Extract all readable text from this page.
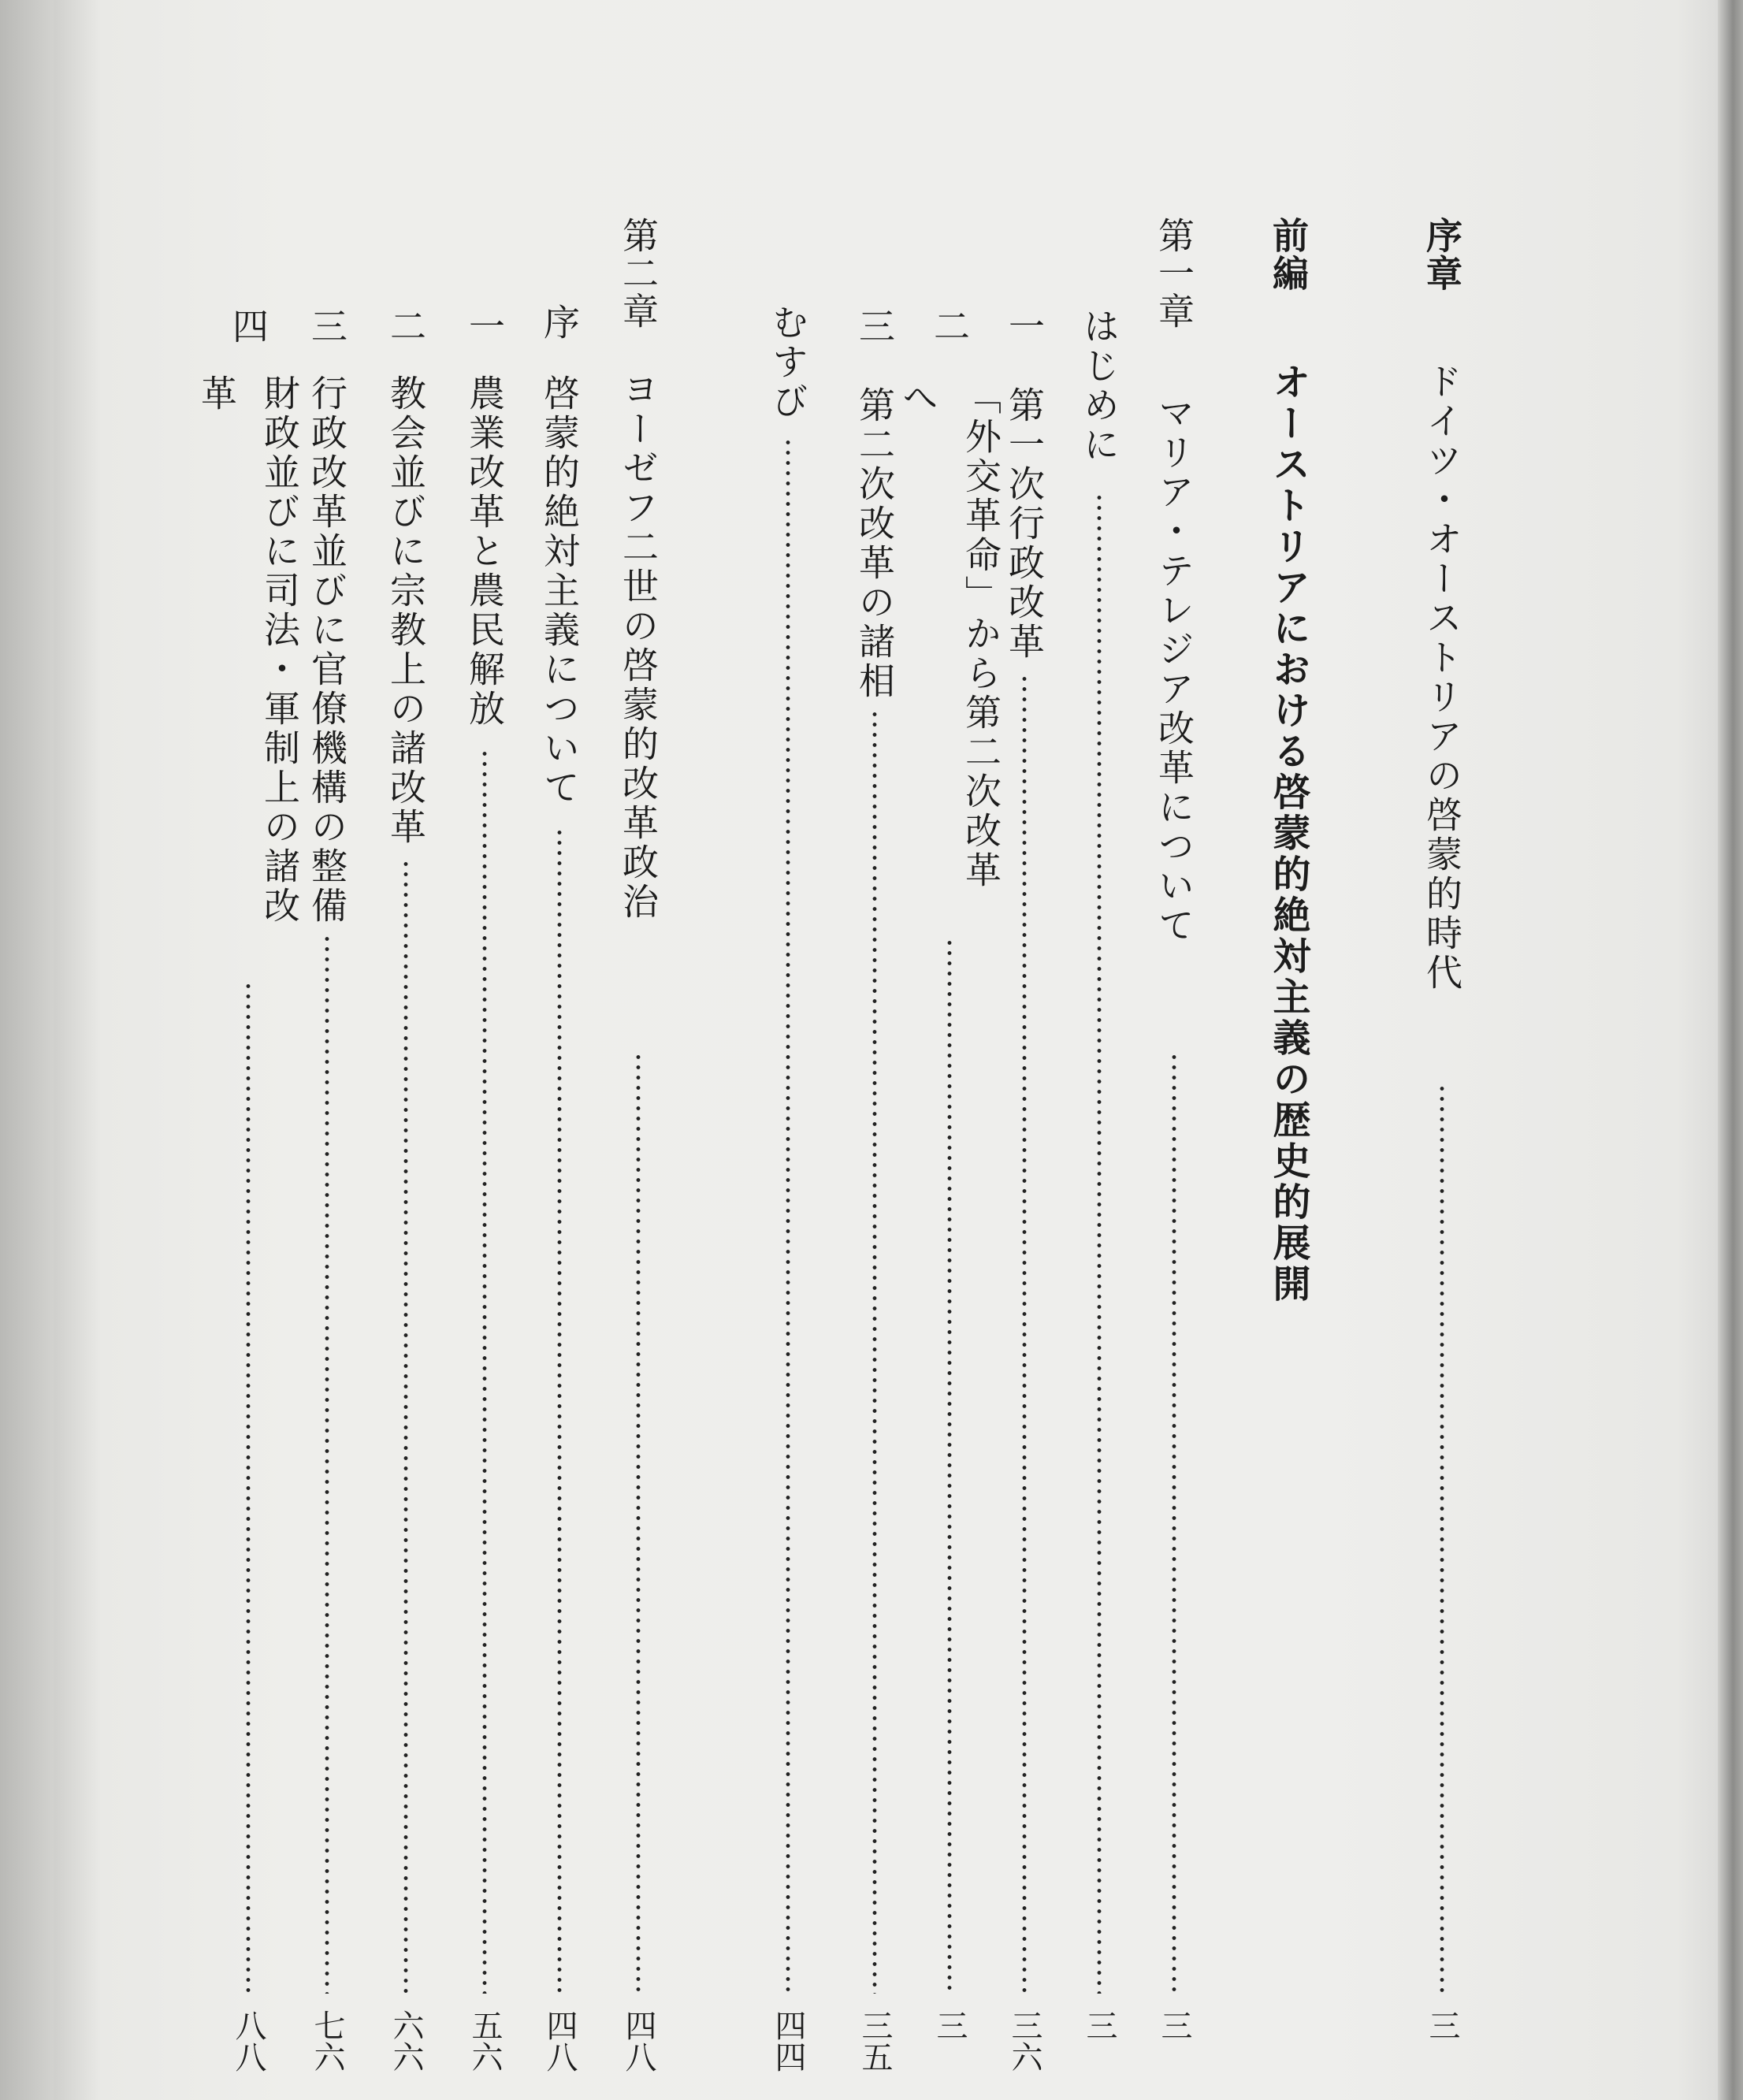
序章
ドイツ・オーストリアの啓蒙的時代
三
前編
オーストリアにおける啓蒙的絶対主義の歴史的展開
第一章
マリア・テレジア改革について
三
はじめに
三
一
第一次行政改革
三六
二
「外交革命」から第二次改革へ
三
三
第二次改革の諸相
三五
むすび
四四
第二章
ヨーゼフ二世の啓蒙的改革政治
四八
序
啓蒙的絶対主義について
四八
一
農業改革と農民解放
五六
二
教会並びに宗教上の諸改革
六六
三
行政改革並びに官僚機構の整備
七六
四
財政並びに司法・軍制上の諸改革
八八
